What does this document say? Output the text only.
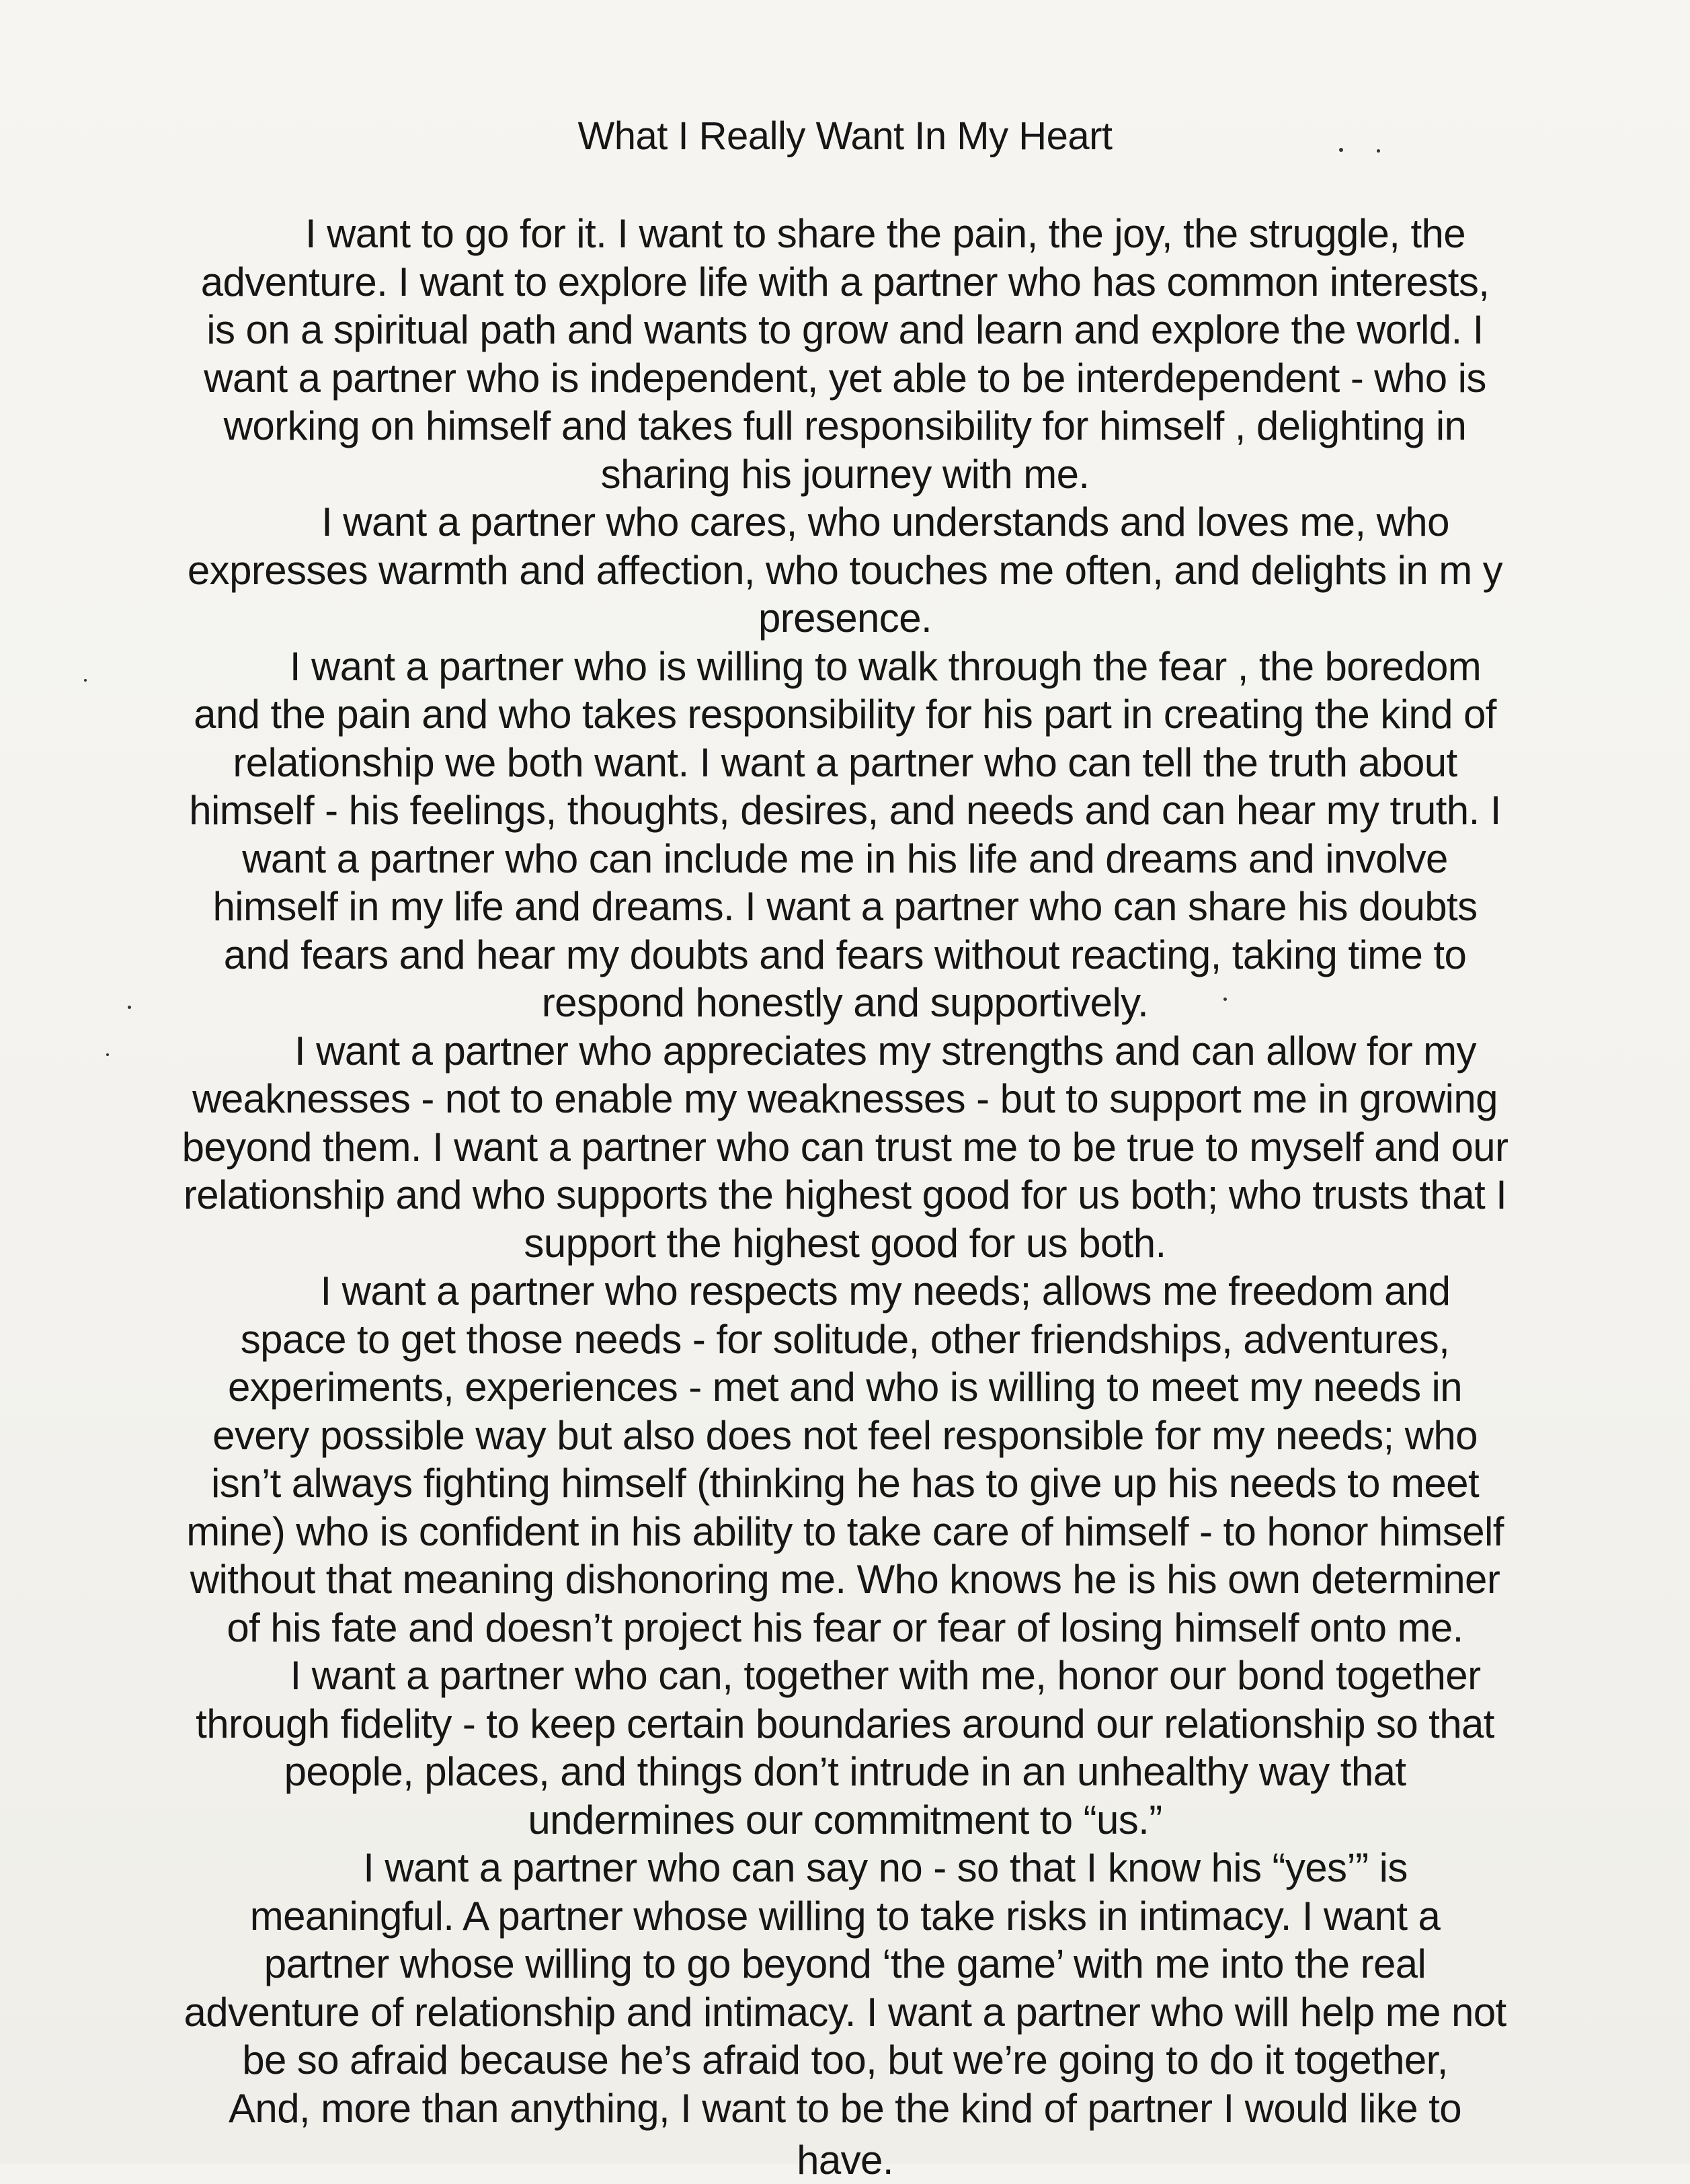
What I Really Want In My Heart
I want to go for it. I want to share the pain, the joy, the struggle, the
adventure. I want to explore life with a partner who has common interests,
is on a spiritual path and wants to grow and learn and explore the world. I
want a partner who is independent, yet able to be interdependent - who is
working on himself and takes full responsibility for himself , delighting in
sharing his journey with me.
I want a partner who cares, who understands and loves me, who
expresses warmth and affection, who touches me often, and delights in m y
presence.
I want a partner who is willing to walk through the fear , the boredom
and the pain and who takes responsibility for his part in creating the kind of
relationship we both want. I want a partner who can tell the truth about
himself - his feelings, thoughts, desires, and needs and can hear my truth. I
want a partner who can include me in his life and dreams and involve
himself in my life and dreams. I want a partner who can share his doubts
and fears and hear my doubts and fears without reacting, taking time to
respond honestly and supportively.
I want a partner who appreciates my strengths and can allow for my
weaknesses - not to enable my weaknesses - but to support me in growing
beyond them. I want a partner who can trust me to be true to myself and our
relationship and who supports the highest good for us both; who trusts that I
support the highest good for us both.
I want a partner who respects my needs; allows me freedom and
space to get those needs - for solitude, other friendships, adventures,
experiments, experiences - met and who is willing to meet my needs in
every possible way but also does not feel responsible for my needs; who
isn’t always fighting himself (thinking he has to give up his needs to meet
mine) who is confident in his ability to take care of himself - to honor himself
without that meaning dishonoring me. Who knows he is his own determiner
of his fate and doesn’t project his fear or fear of losing himself onto me.
I want a partner who can, together with me, honor our bond together
through fidelity - to keep certain boundaries around our relationship so that
people, places, and things don’t intrude in an unhealthy way that
undermines our commitment to “us.”
I want a partner who can say no - so that I know his “yes’” is
meaningful. A partner whose willing to take risks in intimacy. I want a
partner whose willing to go beyond ‘the game’ with me into the real
adventure of relationship and intimacy. I want a partner who will help me not
be so afraid because he’s afraid too, but we’re going to do it together,
And, more than anything, I want to be the kind of partner I would like to
have.
